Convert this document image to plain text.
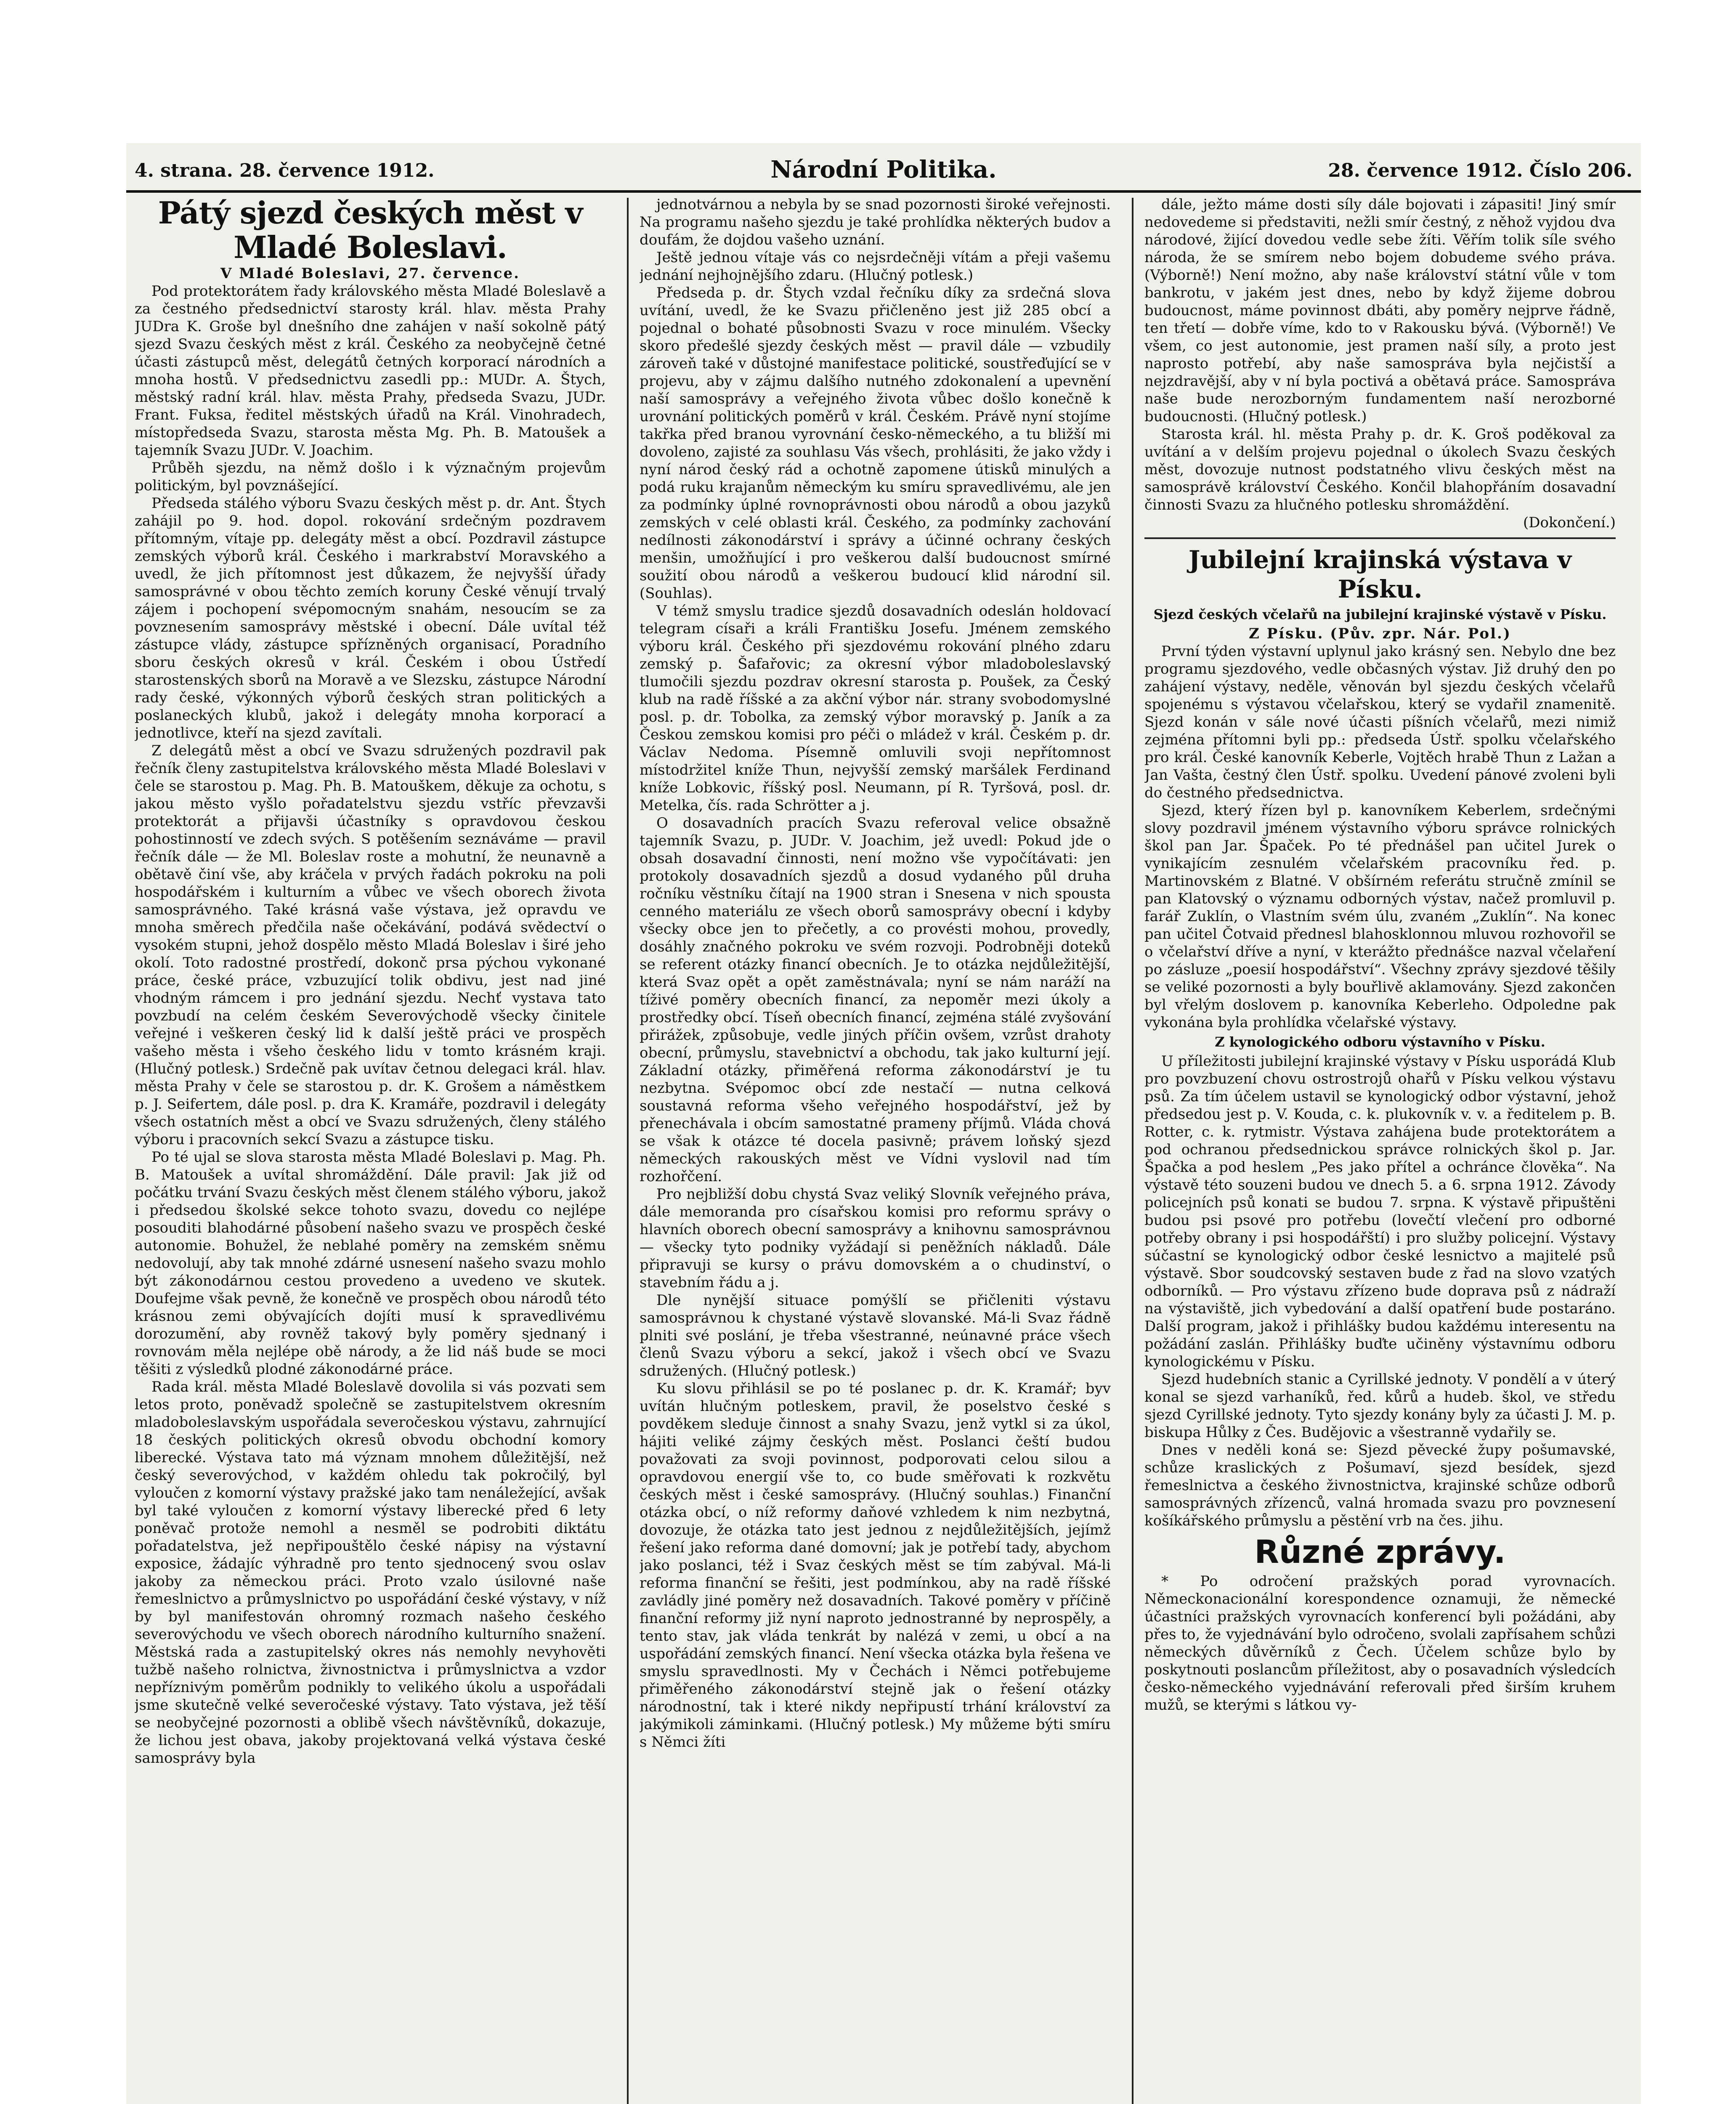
4. strana. 28. července 1912.	Národní Politika.	28. července 1912. Číslo 206.
Pátý sjezd českých měst v Mladé Boleslavi.
V Mladé Boleslavi, 27. července.

Pod protektorátem řady královského města Mladé Boleslavě a za čestného předsednictví starosty král. hlav. města Prahy JUDra K. Groše byl dnešního dne zahájen v naší sokolně pátý sjezd Svazu českých měst z král. Českého za neobyčejně četné účasti zástupců měst, delegátů četných korporací národních a mnoha hostů. V předsednictvu zasedli pp.: MUDr. A. Štych, městský radní král. hlav. města Prahy, předseda Svazu, JUDr. Frant. Fuksa, ředitel městských úřadů na Král. Vinohradech, místopředseda Svazu, starosta města Mg. Ph. B. Matoušek a tajemník Svazu JUDr. V. Joachim.

Průběh sjezdu, na němž došlo i k význačným projevům politickým, byl povznášející.

Předseda stálého výboru Svazu českých měst p. dr. Ant. Štych zahájil po 9. hod. dopol. rokování srdečným pozdravem přítomným, vítaje pp. delegáty měst a obcí. Pozdravil zástupce zemských výborů král. Českého i markrabství Moravského a uvedl, že jich přítomnost jest důkazem, že nejvyšší úřady samosprávné v obou těchto zemích koruny České věnují trvalý zájem i pochopení svépomocným snahám, nesoucím se za povznesením samosprávy městské i obecní. Dále uvítal též zástupce vlády, zástupce spřízněných organisací, Poradního sboru českých okresů v král. Českém i obou Ústředí starostenských sborů na Moravě a ve Slezsku, zástupce Národní rady české, výkonných výborů českých stran politických a poslaneckých klubů, jakož i delegáty mnoha korporací a jednotlivce, kteří na sjezd zavítali.

Z delegátů měst a obcí ve Svazu sdružených pozdravil pak řečník členy zastupitelstva královského města Mladé Boleslavi v čele se starostou p. Mag. Ph. B. Matouškem, děkuje za ochotu, s jakou město vyšlo pořadatelstvu sjezdu vstříc převzavši protektorát a přijavši účastníky s opravdovou českou pohostinností ve zdech svých. S potěšením seznáváme — pravil řečník dále — že Ml. Boleslav roste a mohutní, že neunavně a obětavě činí vše, aby kráčela v prvých řadách pokroku na poli hospodářském i kulturním a vůbec ve všech oborech života samosprávného. Také krásná vaše výstava, jež opravdu ve mnoha směrech předčila naše očekávání, podává svědectví o vysokém stupni, jehož dospělo město Mladá Boleslav i širé jeho okolí. Toto radostné prostředí, dokonč prsa pýchou vykonané práce, české práce, vzbuzující tolik obdivu, jest nad jiné vhodným rámcem i pro jednání sjezdu. Nechť vystava tato povzbudí na celém českém Severovýchodě všecky činitele veřejné i veškeren český lid k další ještě práci ve prospěch vašeho města i všeho českého lidu v tomto krásném kraji. (Hlučný potlesk.) Srdečně pak uvítav četnou delegaci král. hlav. města Prahy v čele se starostou p. dr. K. Grošem a náměstkem p. J. Seifertem, dále posl. p. dra K. Kramáře, pozdravil i delegáty všech ostatních měst a obcí ve Svazu sdružených, členy stálého výboru i pracovních sekcí Svazu a zástupce tisku.

Po té ujal se slova starosta města Mladé Boleslavi p. Mag. Ph. B. Matoušek a uvítal shromáždění. Dále pravil: Jak již od počátku trvání Svazu českých měst členem stálého výboru, jakož i předsedou školské sekce tohoto svazu, dovedu co nejlépe posouditi blahodárné působení našeho svazu ve prospěch české autonomie. Bohužel, že neblahé poměry na zemském sněmu nedovolují, aby tak mnohé zdárné usnesení našeho svazu mohlo být zákonodárnou cestou provedeno a uvedeno ve skutek. Doufejme však pevně, že konečně ve prospěch obou národů této krásnou zemi obývajících dojíti musí k spravedlivému dorozumění, aby rovněž takový byly poměry sjednaný i rovnovám měla nejlépe obě národy, a že lid náš bude se moci těšiti z výsledků plodné zákonodárné práce.

Rada král. města Mladé Boleslavě dovolila si vás pozvati sem letos proto, poněvadž společně se zastupitelstvem okresním mladoboleslavským uspořádala severočeskou výstavu, zahrnující 18 českých politických okresů obvodu obchodní komory liberecké. Výstava tato má význam mnohem důležitější, než český severovýchod, v každém ohledu tak pokročilý, byl vyloučen z komorní výstavy pražské jako tam nenáležející, avšak byl také vyloučen z komorní výstavy liberecké před 6 lety poněvač protože nemohl a nesměl se podrobiti diktátu pořadatelstva, jež nepřipouštělo české nápisy na výstavní exposice, žádajíc výhradně pro tento sjednocený svou oslav jakoby za německou práci. Proto vzalo úsilovné naše řemeslnictvo a průmyslnictvo po uspořádání české výstavy, v níž by byl manifestován ohromný rozmach našeho českého severovýchodu ve všech oborech národního kulturního snažení. Městská rada a zastupitelský okres nás nemohly nevyhověti tužbě našeho rolnictva, živnostnictva i průmyslnictva a vzdor nepříznivým poměrům podnikly to velikého úkolu a uspořádali jsme skutečně velké severočeské výstavy. Tato výstava, jež těší se neobyčejné pozornosti a oblibě všech návštěvníků, dokazuje, že lichou jest obava, jakoby projektovaná velká výstava české samosprávy byla

jednotvárnou a nebyla by se snad pozornosti široké veřejnosti. Na programu našeho sjezdu je také prohlídka některých budov a doufám, že dojdou vašeho uznání.

Ještě jednou vítaje vás co nejsrdečněji vítám a přeji vašemu jednání nejhojnějšího zdaru. (Hlučný potlesk.)

Předseda p. dr. Štych vzdal řečníku díky za srdečná slova uvítání, uvedl, že ke Svazu přičleněno jest již 285 obcí a pojednal o bohaté působnosti Svazu v roce minulém. Všecky skoro předešlé sjezdy českých měst — pravil dále — vzbudily zároveň také v důstojné manifestace politické, soustřeďující se v projevu, aby v zájmu dalšího nutného zdokonalení a upevnění naší samosprávy a veřejného života vůbec došlo konečně k urovnání politických poměrů v král. Českém. Právě nyní stojíme takřka před branou vyrovnání česko-německého, a tu bližší mi dovoleno, zajisté za souhlasu Vás všech, prohlásiti, že jako vždy i nyní národ český rád a ochotně zapomene útisků minulých a podá ruku krajanům německým ku smíru spravedlivému, ale jen za podmínky úplné rovnoprávnosti obou národů a obou jazyků zemských v celé oblasti král. Českého, za podmínky zachování nedílnosti zákonodárství i správy a účinné ochrany českých menšin, umožňující i pro veškerou další budoucnost smírné soužití obou národů a veškerou budoucí klid národní sil. (Souhlas).

V témž smyslu tradice sjezdů dosavadních odeslán holdovací telegram císaři a králi Františku Josefu. Jménem zemského výboru král. Českého při sjezdovému rokování plného zdaru zemský p. Šafařovic; za okresní výbor mladoboleslavský tlumočili sjezdu pozdrav okresní starosta p. Poušek, za Český klub na radě říšské a za akční výbor nár. strany svobodomyslné posl. p. dr. Tobolka, za zemský výbor moravský p. Janík a za Českou zemskou komisi pro péči o mládež v král. Českém p. dr. Václav Nedoma. Písemně omluvili svoji nepřítomnost místodržitel kníže Thun, nejvyšší zemský maršálek Ferdinand kníže Lobkovic, říšský posl. Neumann, pí R. Tyršová, posl. dr. Metelka, čís. rada Schrötter a j.

O dosavadních pracích Svazu referoval velice obsažně tajemník Svazu, p. JUDr. V. Joachim, jež uvedl: Pokud jde o obsah dosavadní činnosti, není možno vše vypočítávati: jen protokoly dosavadních sjezdů a dosud vydaného půl druha ročníku věstníku čítají na 1900 stran i Snesena v nich spousta cenného materiálu ze všech oborů samosprávy obecní i kdyby všecky obce jen to přečetly, a co provésti mohou, provedly, dosáhly značného pokroku ve svém rozvoji. Podrobněji doteků se referent otázky financí obecních. Je to otázka nejdůležitější, která Svaz opět a opět zaměstnávala; nyní se nám naráží na tíživé poměry obecních financí, za nepoměr mezi úkoly a prostředky obcí. Tíseň obecních financí, zejména stálé zvyšování přirážek, způsobuje, vedle jiných příčin ovšem, vzrůst drahoty obecní, průmyslu, stavebnictví a obchodu, tak jako kulturní její. Základní otázky, přiměřená reforma zákonodárství je tu nezbytna. Svépomoc obcí zde nestačí — nutna celková soustavná reforma všeho veřejného hospodářství, jež by přenechávala i obcím samostatné prameny příjmů. Vláda chová se však k otázce té docela pasivně; právem loňský sjezd německých rakouských měst ve Vídni vyslovil nad tím rozhořčení.

Pro nejbližší dobu chystá Svaz veliký Slovník veřejného práva, dále memoranda pro císařskou komisi pro reformu správy o hlavních oborech obecní samosprávy a knihovnu samosprávnou — všecky tyto podniky vyžádají si peněžních nákladů. Dále připravuji se kursy o právu domovském a o chudinství, o stavebním řádu a j.

Dle nynější situace pomýšlí se přičleniti výstavu samosprávnou k chystané výstavě slovanské. Má-li Svaz řádně plniti své poslání, je třeba všestranné, neúnavné práce všech členů Svazu výboru a sekcí, jakož i všech obcí ve Svazu sdružených. (Hlučný potlesk.)

Ku slovu přihlásil se po té poslanec p. dr. K. Kramář; byv uvítán hlučným potleskem, pravil, že poselstvo české s povděkem sleduje činnost a snahy Svazu, jenž vytkl si za úkol, hájiti veliké zájmy českých měst. Poslanci čeští budou považovati za svoji povinnost, podporovati celou silou a opravdovou energií vše to, co bude směřovati k rozkvětu českých měst i české samosprávy. (Hlučný souhlas.) Finanční otázka obcí, o níž reformy daňové vzhledem k nim nezbytná, dovozuje, že otázka tato jest jednou z nejdůležitějších, jejímž řešení jako reforma dané domovní; jak je potřebí tady, abychom jako poslanci, též i Svaz českých měst se tím zabýval. Má-li reforma finanční se řešiti, jest podmínkou, aby na radě říšské zavládly jiné poměry než dosavadních. Takové poměry v příčině finanční reformy již nyní naproto jednostranné by neprospěly, a tento stav, jak vláda tenkrát by nalézá v zemi, u obcí a na uspořádání zemských financí. Není všecka otázka byla řešena ve smyslu spravedlnosti. My v Čechách i Němci potřebujeme přiměřeného zákonodárství stejně jak o řešení otázky národnostní, tak i které nikdy nepřipustí trhání království za jakýmikoli záminkami. (Hlučný potlesk.) My můžeme býti smíru s Němci žíti

dále, ježto máme dosti síly dále bojovati i zápasiti! Jiný smír nedovedeme si představiti, nežli smír čestný, z něhož vyjdou dva národové, žijící dovedou vedle sebe žíti. Věřím tolik síle svého národa, že se smírem nebo bojem dobudeme svého práva. (Výborně!) Není možno, aby naše království státní vůle v tom bankrotu, v jakém jest dnes, nebo by když žijeme dobrou budoucnost, máme povinnost dbáti, aby poměry nejprve řádně, ten třetí — dobře víme, kdo to v Rakousku bývá. (Výborně!) Ve všem, co jest autonomie, jest pramen naší síly, a proto jest naprosto potřebí, aby naše samospráva byla nejčistší a nejzdravější, aby v ní byla poctivá a obětavá práce. Samospráva naše bude nerozborným fundamentem naší nerozborné budoucnosti. (Hlučný potlesk.)

Starosta král. hl. města Prahy p. dr. K. Groš poděkoval za uvítání a v delším projevu pojednal o úkolech Svazu českých měst, dovozuje nutnost podstatného vlivu českých měst na samosprávě království Českého. Končil blahopřáním dosavadní činnosti Svazu za hlučného potlesku shromáždění.

(Dokončení.)
Jubilejní krajinská výstava v Písku.
Sjezd českých včelařů na jubilejní krajinské výstavě v Písku.
Z Písku. (Pův. zpr. Nár. Pol.)

První týden výstavní uplynul jako krásný sen. Nebylo dne bez programu sjezdového, vedle občasných výstav. Již druhý den po zahájení výstavy, neděle, věnován byl sjezdu českých včelařů spojenému s výstavou včelařskou, který se vydařil znamenitě. Sjezd konán v sále nové účasti píšních včelařů, mezi nimiž zejména přítomni byli pp.: předseda Ústř. spolku včelařského pro král. České kanovník Keberle, Vojtěch hrabě Thun z Lažan a Jan Vašta, čestný člen Ústř. spolku. Uvedení pánové zvoleni byli do čestného předsednictva.

Sjezd, který řízen byl p. kanovníkem Keberlem, srdečnými slovy pozdravil jménem výstavního výboru správce rolnických škol pan Jar. Špaček. Po té přednášel pan učitel Jurek o vynikajícím zesnulém včelařském pracovníku řed. p. Martinovském z Blatné. V obšírném referátu stručně zmínil se pan Klatovský o významu odborných výstav, načež promluvil p. farář Zuklín, o Vlastním svém úlu, zvaném „Zuklín“. Na konec pan učitel Čotvaid přednesl blahosklonnou mluvou rozhovořil se o včelařství dříve a nyní, v kterážto přednášce nazval včelaření po zásluze „poesií hospodářství“. Všechny zprávy sjezdové těšily se veliké pozornosti a byly bouřlivě aklamovány. Sjezd zakončen byl vřelým doslovem p. kanovníka Keberleho. Odpoledne pak vykonána byla prohlídka včelařské výstavy.

Z kynologického odboru výstavního v Písku.

U příležitosti jubilejní krajinské výstavy v Písku usporádá Klub pro povzbuzení chovu ostrostrojů ohařů v Písku velkou výstavu psů. Za tím účelem ustavil se kynologický odbor výstavní, jehož předsedou jest p. V. Kouda, c. k. plukovník v. v. a ředitelem p. B. Rotter, c. k. rytmistr. Výstava zahájena bude protektorátem a pod ochranou předsednickou správce rolnických škol p. Jar. Špačka a pod heslem „Pes jako přítel a ochránce člověka“. Na výstavě této souzeni budou ve dnech 5. a 6. srpna 1912. Závody policejních psů konati se budou 7. srpna. K výstavě připuštěni budou psi psové pro potřebu (lovečtí vlečení pro odborné potřeby obrany i psi hospodářští) i pro služby policejní. Výstavy súčastní se kynologický odbor české lesnictvo a majitelé psů výstavě. Sbor soudcovský sestaven bude z řad na slovo vzatých odborníků. — Pro výstavu zřízeno bude doprava psů z nádraží na výstaviště, jich vybedování a další opatření bude postaráno. Další program, jakož i přihlášky budou každému interesentu na požádání zaslán. Přihlášky buďte učiněny výstavnímu odboru kynologickému v Písku.

Sjezd hudebních stanic a Cyrillské jednoty. V pondělí a v úterý konal se sjezd varhaníků, řed. kůrů a hudeb. škol, ve středu sjezd Cyrillské jednoty. Tyto sjezdy konány byly za účasti J. M. p. biskupa Hůlky z Čes. Budějovic a všestranně vydařily se.

Dnes v neděli koná se: Sjezd pěvecké župy pošumavské, schůze kraslických z Pošumaví, sjezd besídek, sjezd řemeslnictva a českého živnostnictva, krajinské schůze odborů samosprávných zřízenců, valná hromada svazu pro povznesení košíkářského průmyslu a pěstění vrb na čes. jihu.

Různé zprávy.

* Po odročení pražských porad vyrovnacích. Německonacionální korespondence oznamuji, že německé účastníci pražských vyrovnacích konferencí byli požádáni, aby přes to, že vyjednávání bylo odročeno, svolali zapřísahem schůzi německých důvěrníků z Čech. Účelem schůze bylo by poskytnouti poslancům příležitost, aby o posavadních výsledcích česko-německého vyjednávání referovali před širším kruhem mužů, se kterými s látkou vy-
